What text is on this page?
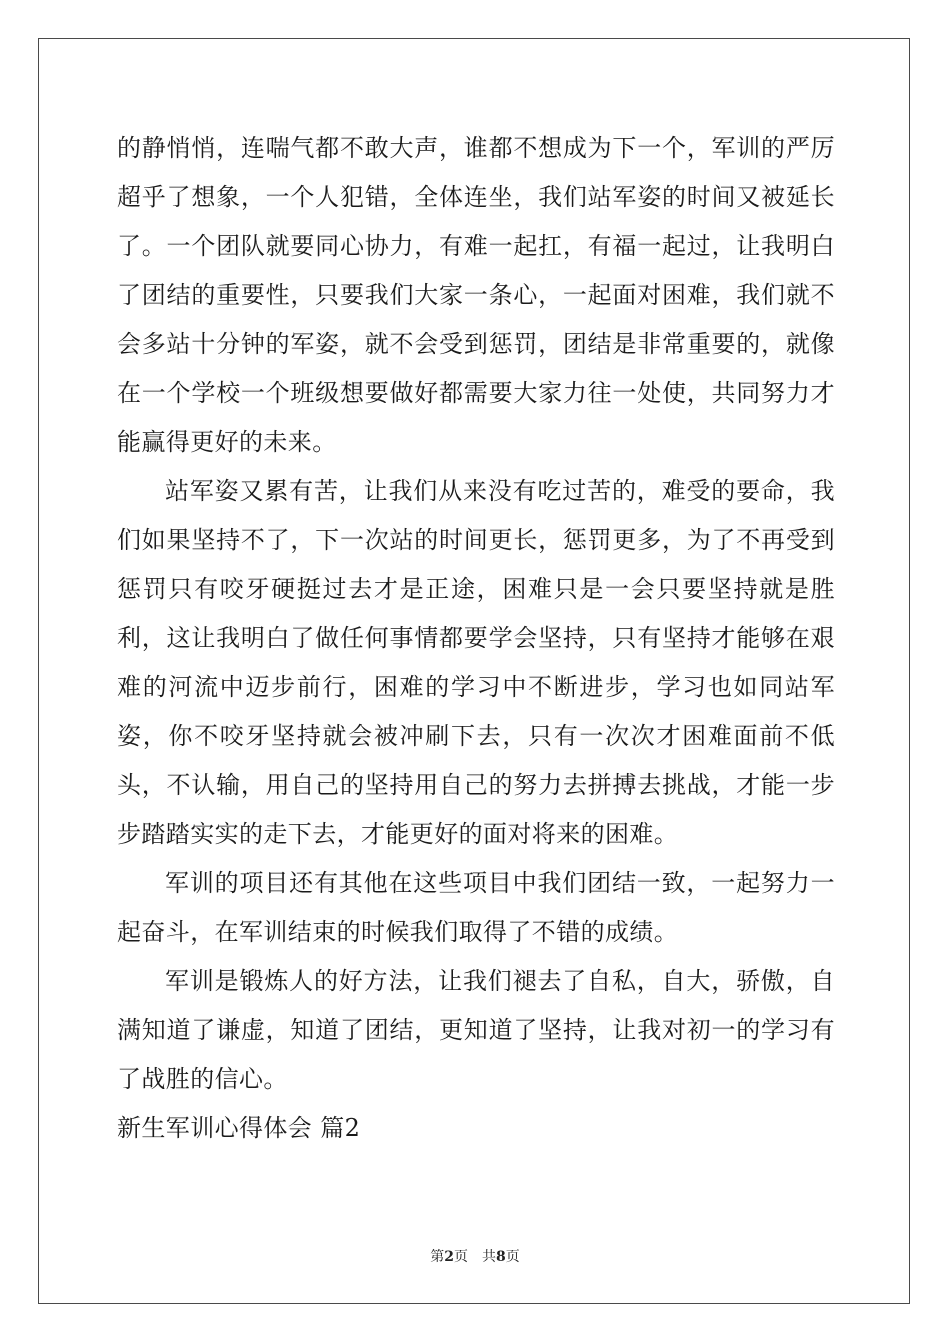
的静悄悄，连喘气都不敢大声，谁都不想成为下一个，军训的严厉超乎了想象，一个人犯错，全体连坐，我们站军姿的时间又被延长了。一个团队就要同心协力，有难一起扛，有福一起过，让我明白了团结的重要性，只要我们大家一条心，一起面对困难，我们就不会多站十分钟的军姿，就不会受到惩罚，团结是非常重要的，就像在一个学校一个班级想要做好都需要大家力往一处使，共同努力才能赢得更好的未来。

站军姿又累有苦，让我们从来没有吃过苦的，难受的要命，我们如果坚持不了，下一次站的时间更长，惩罚更多，为了不再受到惩罚只有咬牙硬挺过去才是正途，困难只是一会只要坚持就是胜利，这让我明白了做任何事情都要学会坚持，只有坚持才能够在艰难的河流中迈步前行，困难的学习中不断进步，学习也如同站军姿，你不咬牙坚持就会被冲刷下去，只有一次次才困难面前不低头，不认输，用自己的坚持用自己的努力去拼搏去挑战，才能一步步踏踏实实的走下去，才能更好的面对将来的困难。

军训的项目还有其他在这些项目中我们团结一致，一起努力一起奋斗，在军训结束的时候我们取得了不错的成绩。

军训是锻炼人的好方法，让我们褪去了自私，自大，骄傲，自满知道了谦虚，知道了团结，更知道了坚持，让我对初一的学习有了战胜的信心。

新生军训心得体会 篇2

第2页 共8页
